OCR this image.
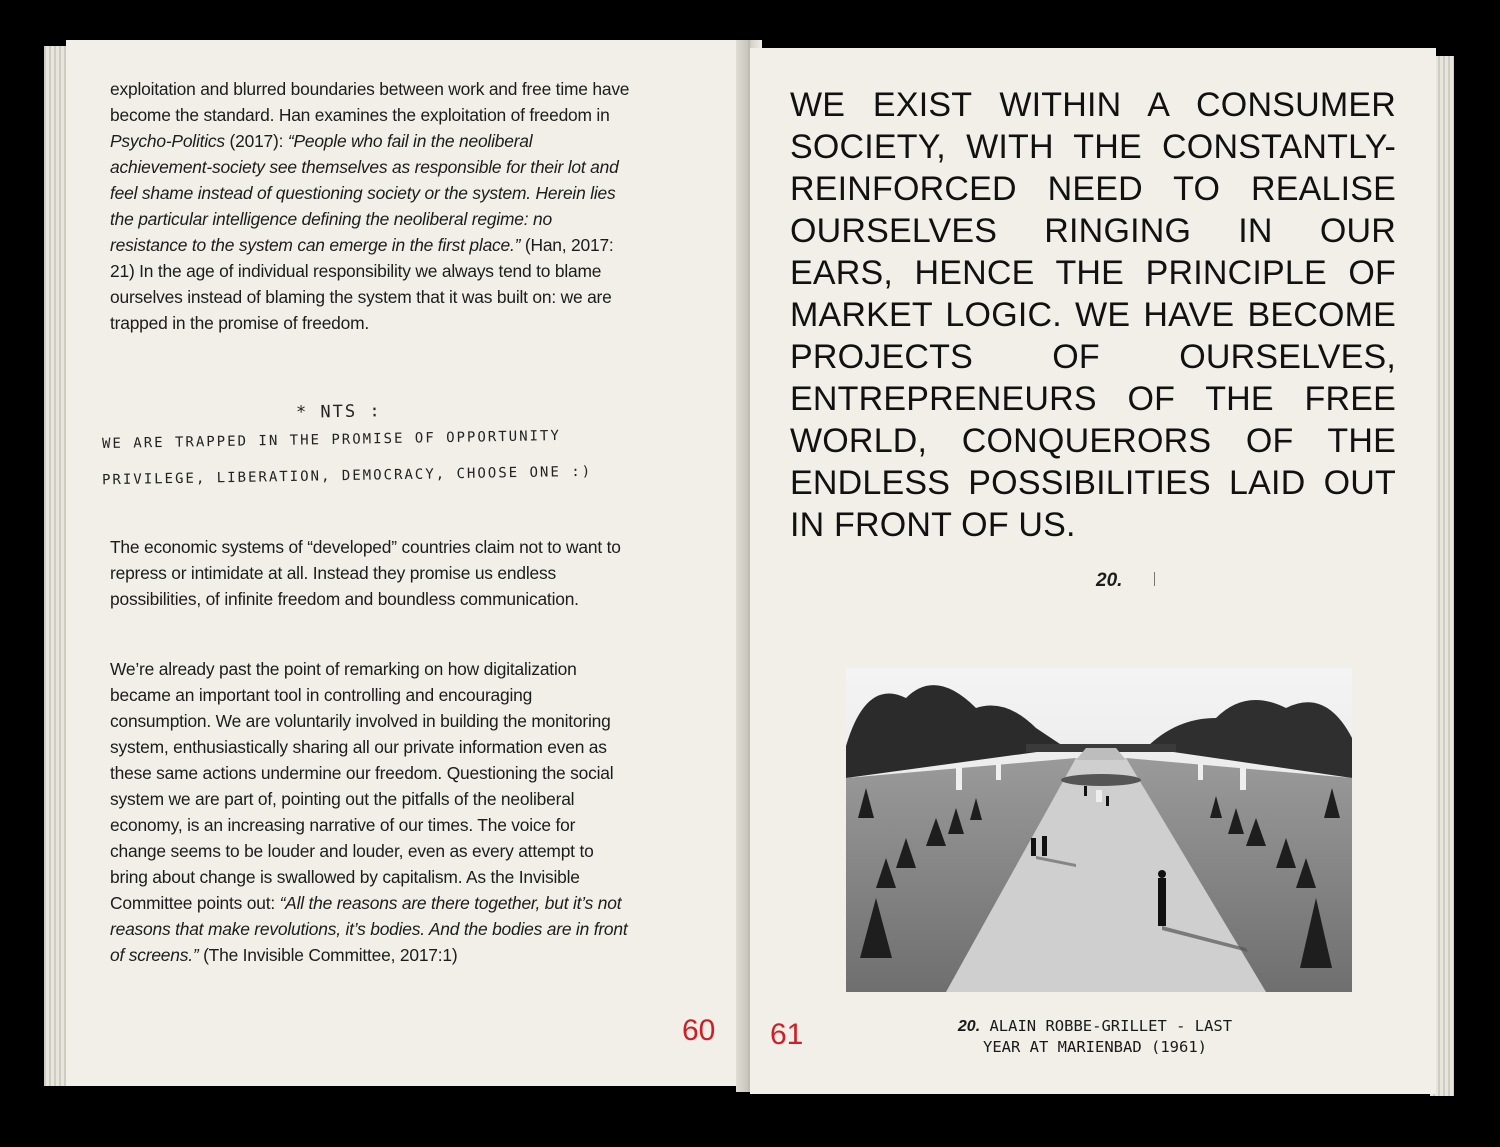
exploitation and blurred boundaries between work and free time have become the standard. Han examines the exploitation of freedom in Psycho-Politics (2017): “People who fail in the neoliberal achievement-society see themselves as responsible for their lot and feel shame instead of questioning society or the system. Herein lies the particular intelligence defining the neoliberal regime: no resistance to the system can emerge in the first place.” (Han, 2017: 21) In the age of individual responsibility we always tend to blame ourselves instead of blaming the system that it was built on: we are trapped in the promise of freedom.

* NTS :
WE ARE TRAPPED IN THE PROMISE OF OPPORTUNITY
PRIVILEGE, LIBERATION, DEMOCRACY, CHOOSE ONE :)

The economic systems of “developed” countries claim not to want to repress or intimidate at all. Instead they promise us endless possibilities, of infinite freedom and boundless communication.

We’re already past the point of remarking on how digitalization became an important tool in controlling and encouraging consumption. We are voluntarily involved in building the monitoring system, enthusiastically sharing all our private information even as these same actions undermine our freedom. Questioning the social system we are part of, pointing out the pitfalls of the neoliberal economy, is an increasing narrative of our times. The voice for change seems to be louder and louder, even as every attempt to bring about change is swallowed by capitalism. As the Invisible Committee points out: “All the reasons are there together, but it’s not reasons that make revolutions, it’s bodies. And the bodies are in front of screens.” (The Invisible Committee, 2017:1)

60
WE EXIST WITHIN A CONSUMER SOCIETY, WITH THE CONSTANTLY-REINFORCED NEED TO REALISE OURSELVES RINGING IN OUR EARS, HENCE THE PRINCIPLE OF MARKET LOGIC. WE HAVE BECOME PROJECTS OF OURSELVES, ENTREPRENEURS OF THE FREE WORLD, CONQUERORS OF THE ENDLESS POSSIBILITIES LAID OUT IN FRONT OF US.
20.
20. ALAIN ROBBE-GRILLET - LAST
YEAR AT MARIENBAD (1961)
61
